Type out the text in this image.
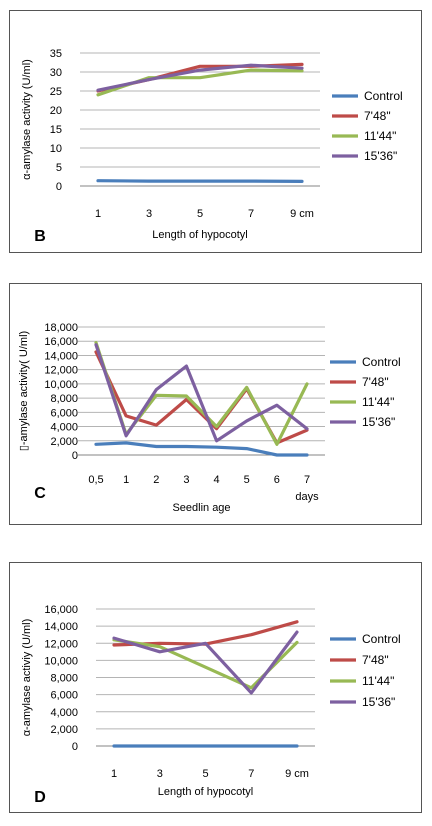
0
5
10
15
20
25
30
35
1	3	5	7	9 cm
Length of hypocotyl
α-amylase activity (U/ml)
B
Control
7'48"
11'44"
15'36"
0
2,000
4,000
6,000
8,000
10,000
12,000
14,000
16,000
18,000
0,5 1 2 3 4 5 6 7
days
Seedlin age
▯-amylase activity( U/ml)
C
Control
7'48"
11'44"
15'36"
0
2,000
4,000
6,000
8,000
10,000
12,000
14,000
16,000
1	3	5	7	9 cm
Length of hypocotyl
α-amylase activiy (U/ml)
D
Control
7'48"
11'44"
15'36"
